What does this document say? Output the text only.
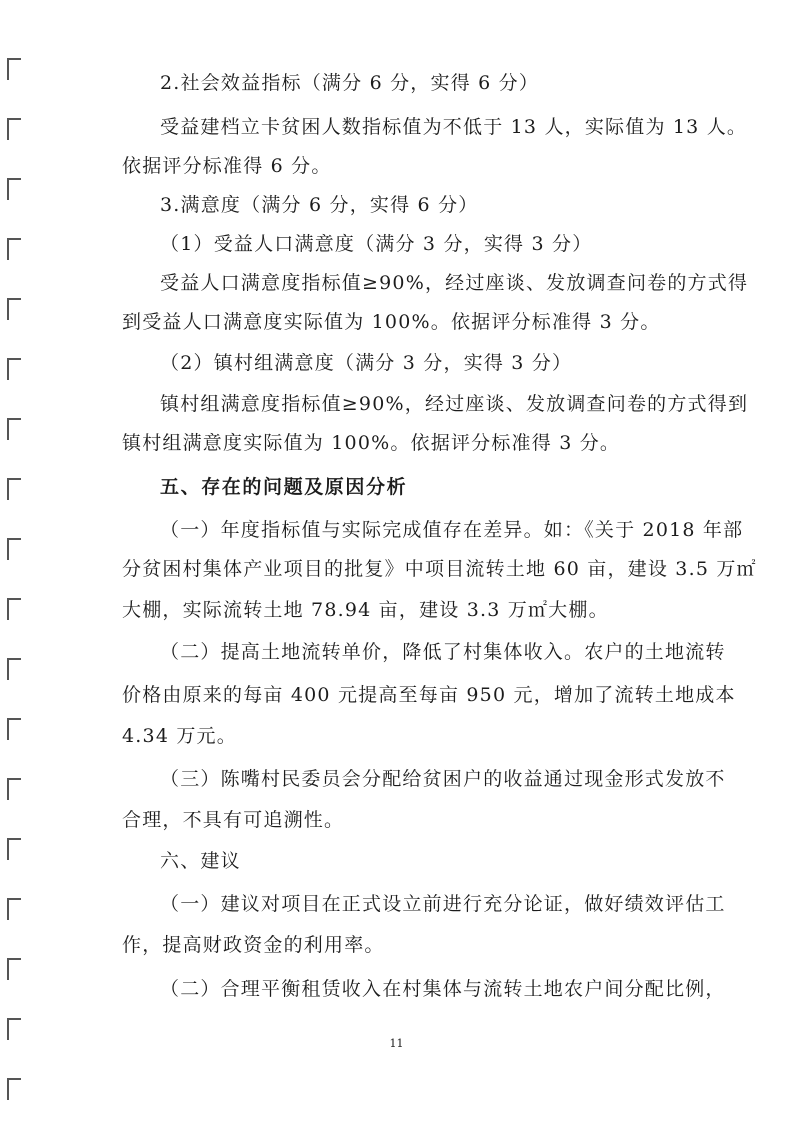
2.社会效益指标（满分 6 分，实得 6 分）
受益建档立卡贫困人数指标值为不低于 13 人，实际值为 13 人。
依据评分标准得 6 分。
3.满意度（满分 6 分，实得 6 分）
（1）受益人口满意度（满分 3 分，实得 3 分）
受益人口满意度指标值≥90%，经过座谈、发放调查问卷的方式得
到受益人口满意度实际值为 100%。依据评分标准得 3 分。
（2）镇村组满意度（满分 3 分，实得 3 分）
镇村组满意度指标值≥90%，经过座谈、发放调查问卷的方式得到
镇村组满意度实际值为 100%。依据评分标准得 3 分。
五、存在的问题及原因分析
（一）年度指标值与实际完成值存在差异。如：《关于 2018 年部
分贫困村集体产业项目的批复》中项目流转土地 60 亩，建设 3.5 万㎡
大棚，实际流转土地 78.94 亩，建设 3.3 万㎡大棚。
（二）提高土地流转单价，降低了村集体收入。农户的土地流转
价格由原来的每亩 400 元提高至每亩 950 元，增加了流转土地成本
4.34 万元。
（三）陈嘴村民委员会分配给贫困户的收益通过现金形式发放不
合理，不具有可追溯性。
六、建议
（一）建议对项目在正式设立前进行充分论证，做好绩效评估工
作，提高财政资金的利用率。
（二）合理平衡租赁收入在村集体与流转土地农户间分配比例，
11
